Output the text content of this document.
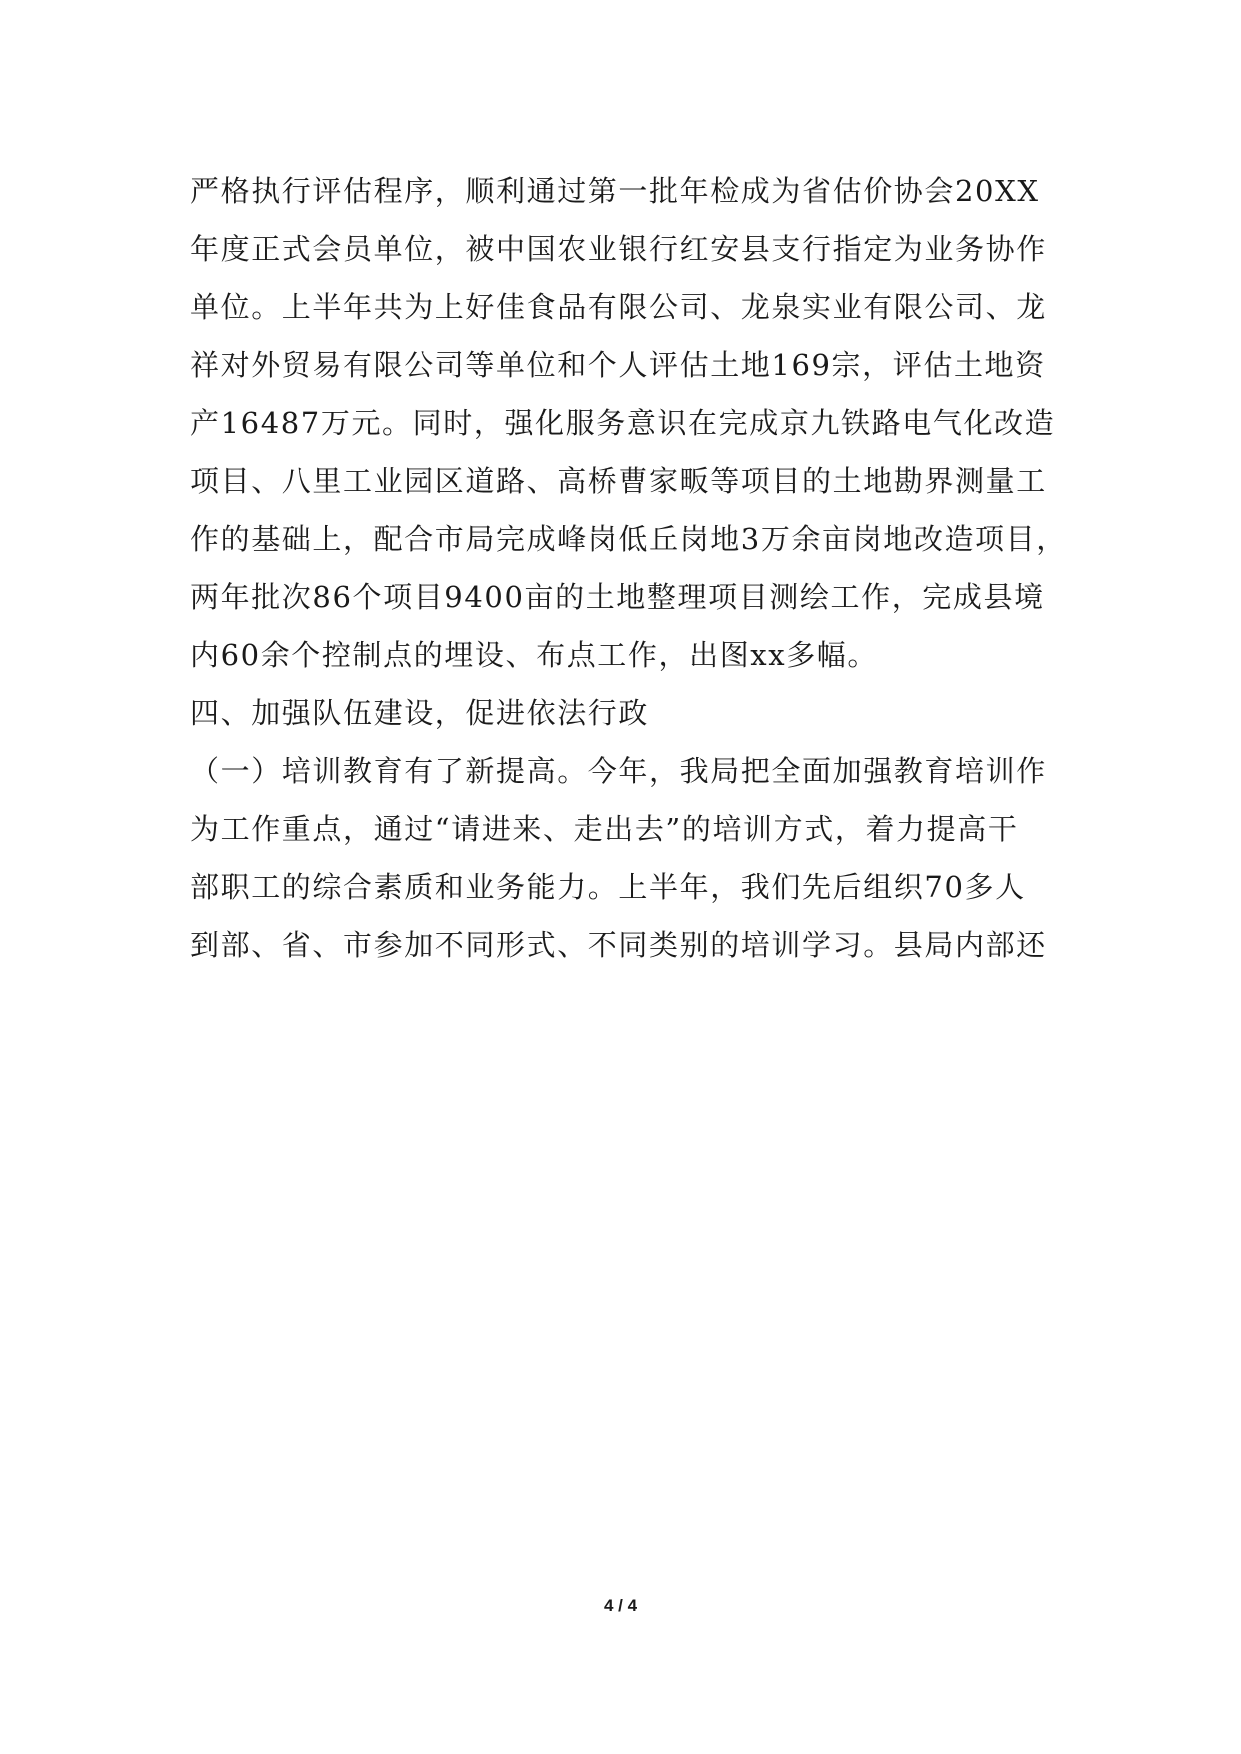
严格执行评估程序，顺利通过第一批年检成为省估价协会20XX
年度正式会员单位，被中国农业银行红安县支行指定为业务协作
单位。上半年共为上好佳食品有限公司、龙泉实业有限公司、龙
祥对外贸易有限公司等单位和个人评估土地169宗，评估土地资
产16487万元。同时，强化服务意识在完成京九铁路电气化改造
项目、八里工业园区道路、高桥曹家畈等项目的土地勘界测量工
作的基础上，配合市局完成峰岗低丘岗地3万余亩岗地改造项目，
两年批次86个项目9400亩的土地整理项目测绘工作，完成县境
内60余个控制点的埋设、布点工作，出图xx多幅。
四、加强队伍建设，促进依法行政
（一）培训教育有了新提高。今年，我局把全面加强教育培训作
为工作重点，通过“请进来、走出去”的培训方式，着力提高干
部职工的综合素质和业务能力。上半年，我们先后组织70多人
到部、省、市参加不同形式、不同类别的培训学习。县局内部还
4 / 4
